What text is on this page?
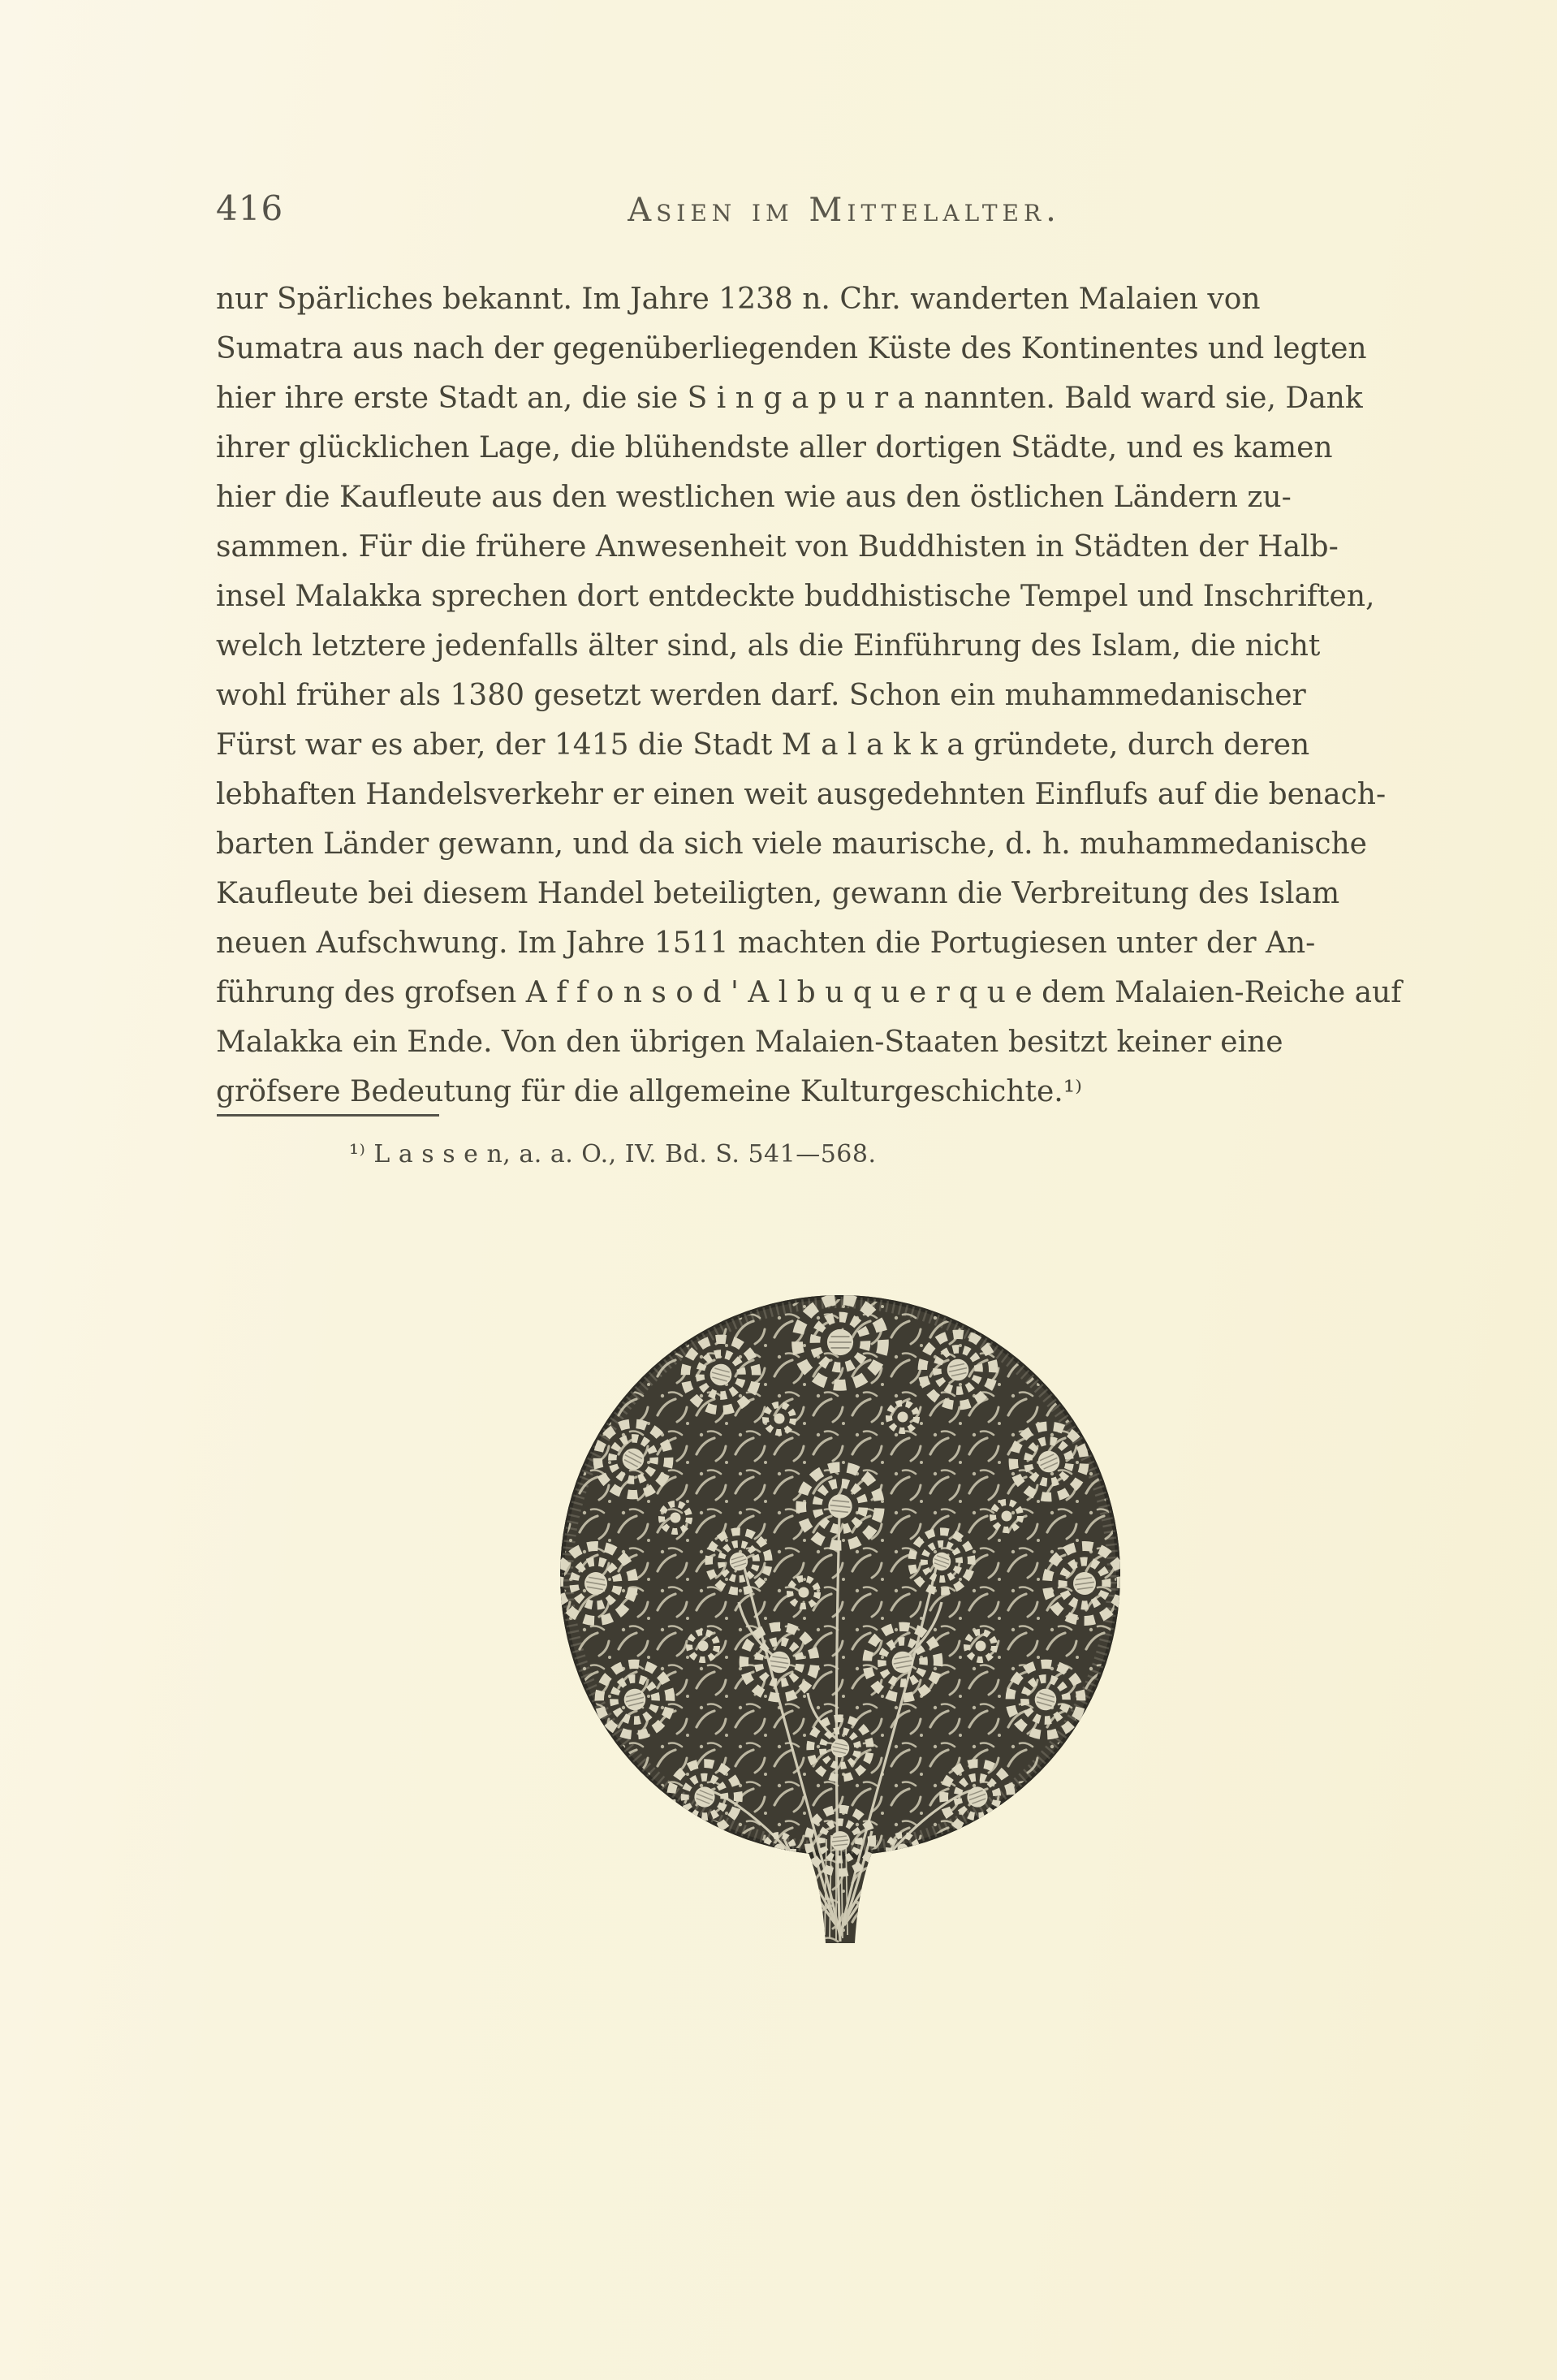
416	Asien im Mittelalter.
nur Spärliches bekannt. Im Jahre 1238 n. Chr. wanderten Malaien von
Sumatra aus nach der gegenüberliegenden Küste des Kontinentes und legten
hier ihre erste Stadt an, die sie S i n g a p u r a nannten. Bald ward sie, Dank
ihrer glücklichen Lage, die blühendste aller dortigen Städte, und es kamen
hier die Kaufleute aus den westlichen wie aus den östlichen Ländern zu-
sammen. Für die frühere Anwesenheit von Buddhisten in Städten der Halb-
insel Malakka sprechen dort entdeckte buddhistische Tempel und Inschriften,
welch letztere jedenfalls älter sind, als die Einführung des Islam, die nicht
wohl früher als 1380 gesetzt werden darf. Schon ein muhammedanischer
Fürst war es aber, der 1415 die Stadt M a l a k k a gründete, durch deren
lebhaften Handelsverkehr er einen weit ausgedehnten Einflufs auf die benach-
barten Länder gewann, und da sich viele maurische, d. h. muhammedanische
Kaufleute bei diesem Handel beteiligten, gewann die Verbreitung des Islam
neuen Aufschwung. Im Jahre 1511 machten die Portugiesen unter der An-
führung des grofsen A f f o n s o d ' A l b u q u e r q u e dem Malaien-Reiche auf
Malakka ein Ende. Von den übrigen Malaien-Staaten besitzt keiner eine
gröfsere Bedeutung für die allgemeine Kulturgeschichte.¹⁾
¹⁾ L a s s e n, a. a. O., IV. Bd. S. 541—568.
